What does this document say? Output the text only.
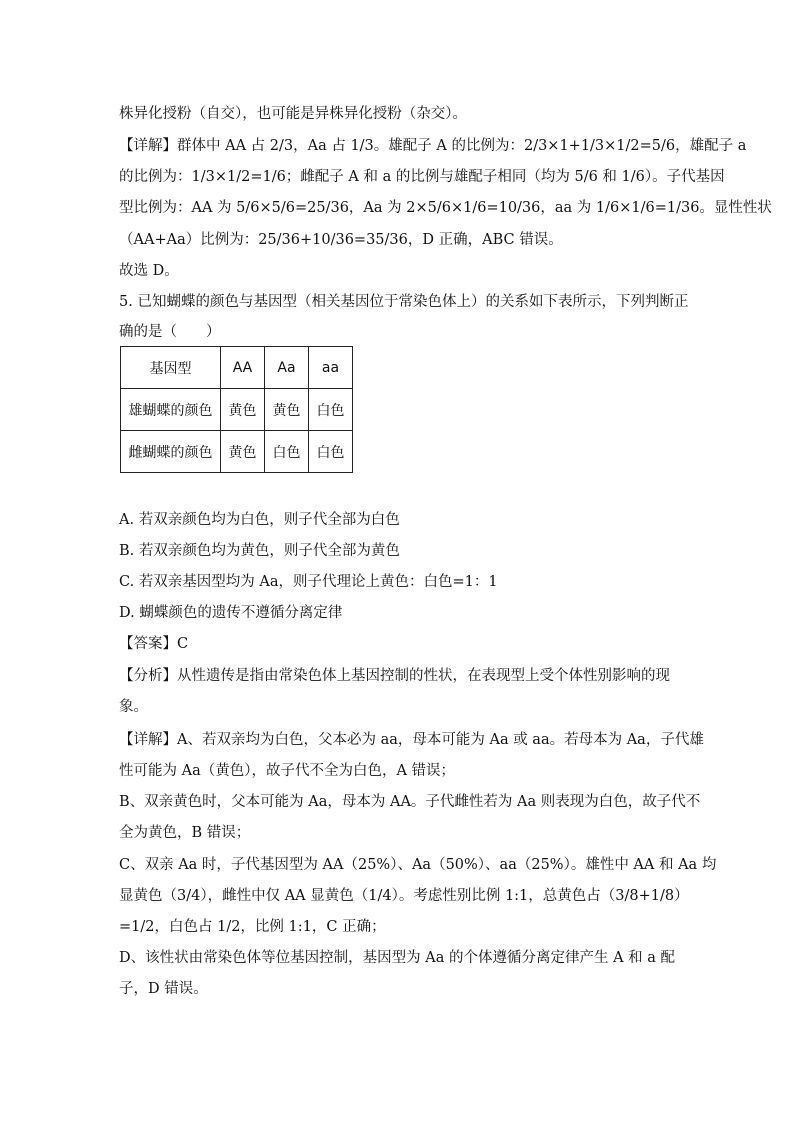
株异化授粉（自交），也可能是异株异化授粉（杂交）。
【详解】群体中 AA 占 2/3，Aa 占 1/3。雄配子 A 的比例为：2/3×1+1/3×1/2=5/6，雄配子 a
的比例为：1/3×1/2=1/6；雌配子 A 和 a 的比例与雄配子相同（均为 5/6 和 1/6）。子代基因
型比例为：AA 为 5/6×5/6=25/36，Aa 为 2×5/6×1/6=10/36，aa 为 1/6×1/6=1/36。显性性状
（AA+Aa）比例为：25/36+10/36=35/36，D 正确，ABC 错误。
故选 D。
5. 已知蝴蝶的颜色与基因型（相关基因位于常染色体上）的关系如下表所示，下列判断正
确的是（　　）
基因型	AA	Aa	aa
雄蝴蝶的颜色	黄色	黄色	白色
雌蝴蝶的颜色	黄色	白色	白色
A. 若双亲颜色均为白色，则子代全部为白色
B. 若双亲颜色均为黄色，则子代全部为黄色
C. 若双亲基因型均为 Aa，则子代理论上黄色：白色=1：1
D. 蝴蝶颜色的遗传不遵循分离定律
【答案】C
【分析】从性遗传是指由常染色体上基因控制的性状，在表现型上受个体性别影响的现
象。
【详解】A、若双亲均为白色，父本必为 aa，母本可能为 Aa 或 aa。若母本为 Aa，子代雄
性可能为 Aa（黄色），故子代不全为白色，A 错误；
B、双亲黄色时，父本可能为 Aa，母本为 AA。子代雌性若为 Aa 则表现为白色，故子代不
全为黄色，B 错误；
C、双亲 Aa 时，子代基因型为 AA（25%）、Aa（50%）、aa（25%）。雄性中 AA 和 Aa 均
显黄色（3/4），雌性中仅 AA 显黄色（1/4）。考虑性别比例 1:1，总黄色占（3/8+1/8）
=1/2，白色占 1/2，比例 1:1，C 正确；
D、该性状由常染色体等位基因控制，基因型为 Aa 的个体遵循分离定律产生 A 和 a 配
子，D 错误。
